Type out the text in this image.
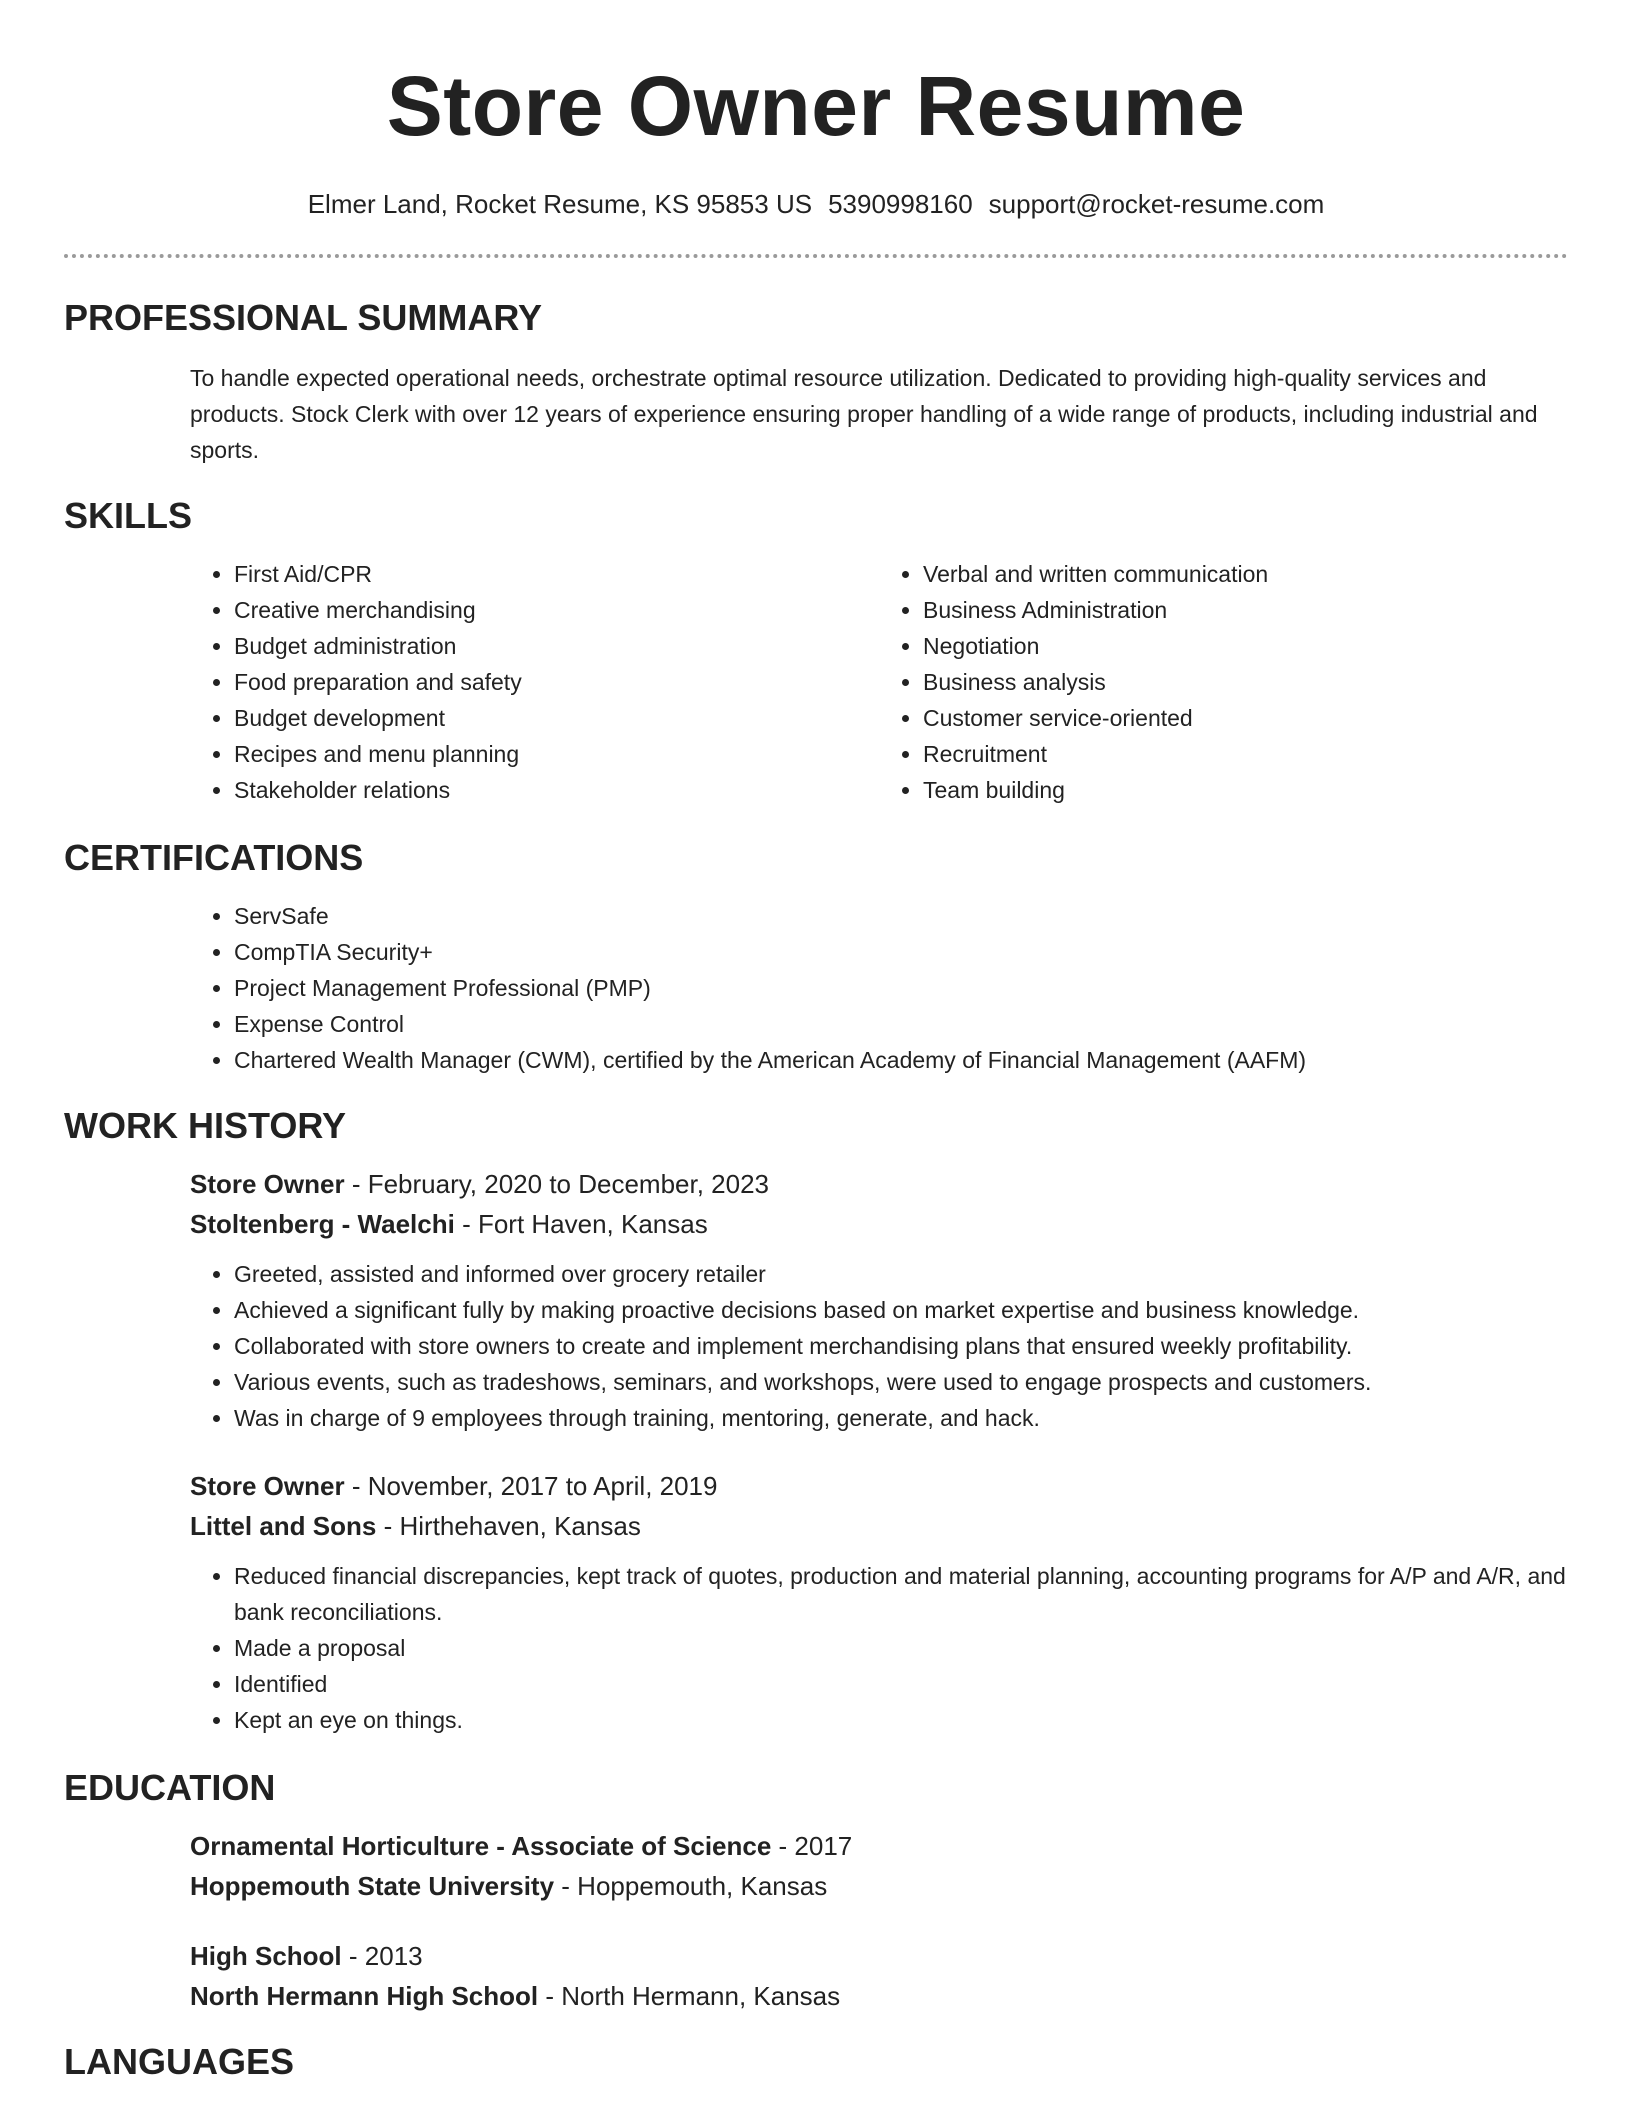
Store Owner Resume
Elmer Land, Rocket Resume, KS 95853 US 5390998160 support@rocket-resume.com
PROFESSIONAL SUMMARY

To handle expected operational needs, orchestrate optimal resource utilization. Dedicated to providing high-quality services and products. Stock Clerk with over 12 years of experience ensuring proper handling of a wide range of products, including industrial and sports.

SKILLS
• First Aid/CPR
• Creative merchandising
• Budget administration
• Food preparation and safety
• Budget development
• Recipes and menu planning
• Stakeholder relations
• Verbal and written communication
• Business Administration
• Negotiation
• Business analysis
• Customer service-oriented
• Recruitment
• Team building
CERTIFICATIONS
• ServSafe
• CompTIA Security+
• Project Management Professional (PMP)
• Expense Control
• Chartered Wealth Manager (CWM), certified by the American Academy of Financial Management (AAFM)
WORK HISTORY
Store Owner - February, 2020 to December, 2023
Stoltenberg - Waelchi - Fort Haven, Kansas
• Greeted, assisted and informed over grocery retailer
• Achieved a significant fully by making proactive decisions based on market expertise and business knowledge.
• Collaborated with store owners to create and implement merchandising plans that ensured weekly profitability.
• Various events, such as tradeshows, seminars, and workshops, were used to engage prospects and customers.
• Was in charge of 9 employees through training, mentoring, generate, and hack.
Store Owner - November, 2017 to April, 2019
Littel and Sons - Hirthehaven, Kansas
• Reduced financial discrepancies, kept track of quotes, production and material planning, accounting programs for A/P and A/R, and bank reconciliations.
• Made a proposal
• Identified
• Kept an eye on things.
EDUCATION
Ornamental Horticulture - Associate of Science - 2017
Hoppemouth State University - Hoppemouth, Kansas
High School - 2013
North Hermann High School - North Hermann, Kansas
LANGUAGES
